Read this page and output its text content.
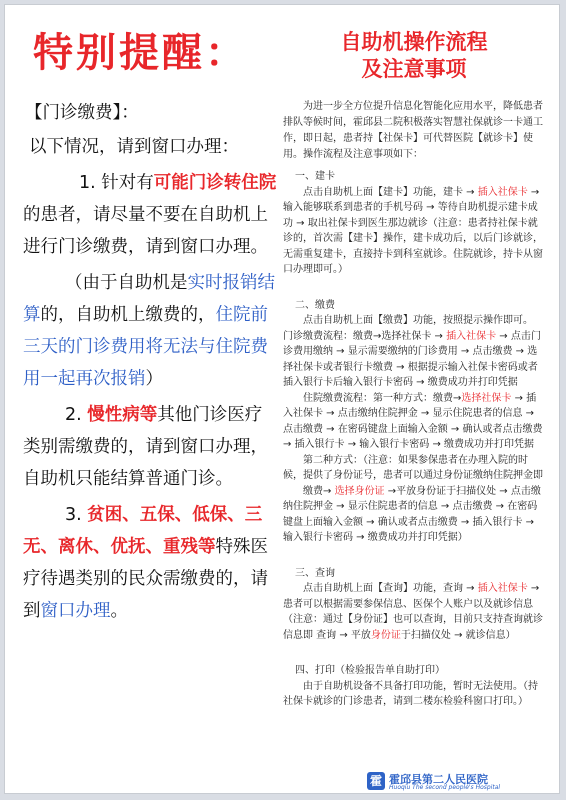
特别提醒：

【门诊缴费】：

以下情况，请到窗口办理：

1. 针对有可能门诊转住院的患者，请尽量不要在自助机上进行门诊缴费，请到窗口办理。

（由于自助机是实时报销结算的，自助机上缴费的，住院前三天的门诊费用将无法与住院费用一起再次报销）

2. 慢性病等其他门诊医疗类别需缴费的，请到窗口办理，自助机只能结算普通门诊。

3. 贫困、五保、低保、三无、离休、优抚、重残等特殊医疗待遇类别的民众需缴费的，请到窗口办理。

自助机操作流程
及注意事项

为进一步全方位提升信息化智能化应用水平，降低患者排队等候时间，霍邱县二院积极落实智慧社保就诊一卡通工作，即日起，患者持【社保卡】可代替医院【就诊卡】使用。操作流程及注意事项如下：

一、建卡

点击自助机上面【建卡】功能，建卡 → 插入社保卡 → 输入能够联系到患者的手机号码 → 等待自助机提示建卡成功 → 取出社保卡到医生那边就诊（注意：患者持社保卡就诊的，首次需【建卡】操作，建卡成功后，以后门诊就诊，无需重复建卡，直接持卡到科室就诊。住院就诊，持卡从窗口办理即可。）

二、缴费

点击自助机上面【缴费】功能，按照提示操作即可。

门诊缴费流程：缴费→选择社保卡 → 插入社保卡 → 点击门诊费用缴纳 → 显示需要缴纳的门诊费用 → 点击缴费 → 选择社保卡或者银行卡缴费 → 根据提示输入社保卡密码或者插入银行卡后输入银行卡密码 → 缴费成功并打印凭据

住院缴费流程：第一种方式：缴费→选择社保卡 → 插入社保卡 → 点击缴纳住院押金 → 显示住院患者的信息 → 点击缴费 → 在密码键盘上面输入金额 → 确认或者点击缴费 → 插入银行卡 → 输入银行卡密码 → 缴费成功并打印凭据

第二种方式：（注意：如果参保患者在办理入院的时候，提供了身份证号，患者可以通过身份证缴纳住院押金即

缴费→ 选择身份证 →平放身份证于扫描仪处 → 点击缴纳住院押金 → 显示住院患者的信息 → 点击缴费 → 在密码键盘上面输入金额 → 确认或者点击缴费 → 插入银行卡 → 输入银行卡密码 → 缴费成功并打印凭据）

三、查询

点击自助机上面【查询】功能，查询 → 插入社保卡 → 患者可以根据需要参保信息、医保个人账户以及就诊信息（注意：通过【身份证】也可以查询，目前只支持查询就诊信息即 查询 → 平放身份证于扫描仪处 → 就诊信息）

四、打印（检验报告单自助打印）

由于自助机设备不具备打印功能，暂时无法使用。（持社保卡就诊的门诊患者，请到二楼东检验科窗口打印。）

霍 霍邱县第二人民医院
Huoqiu The second people's Hospital
